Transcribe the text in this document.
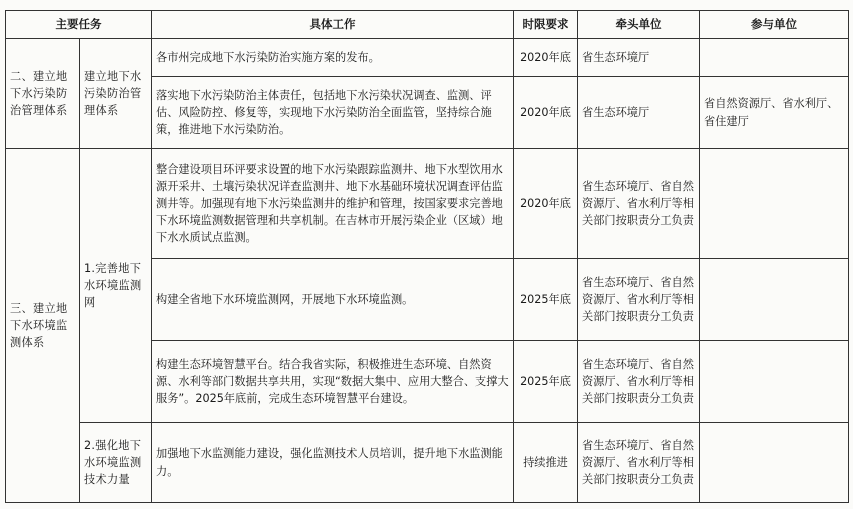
主要任务		具体工作	时限要求	牵头单位	参与单位
二、建立地下水污染防治管理体系	建立地下水污染防治管理体系	各市州完成地下水污染防治实施方案的发布。	2020年底	省生态环境厅	
		落实地下水污染防治主体责任，包括地下水污染状况调查、监测、评估、风险防控、修复等，实现地下水污染防治全面监管，坚持综合施策，推进地下水污染防治。	2020年底	省生态环境厅	省自然资源厅、省水利厅、省住建厅
三、建立地下水环境监测体系	1.完善地下水环境监测网	整合建设项目环评要求设置的地下水污染跟踪监测井、地下水型饮用水源开采井、土壤污染状况详查监测井、地下水基础环境状况调查评估监测井等。加强现有地下水污染监测井的维护和管理，按国家要求完善地下水环境监测数据管理和共享机制。在吉林市开展污染企业（区域）地下水水质试点监测。	2020年底	省生态环境厅、省自然资源厅、省水利厅等相关部门按职责分工负责	
		构建全省地下水环境监测网，开展地下水环境监测。	2025年底	省生态环境厅、省自然资源厅、省水利厅等相关部门按职责分工负责	
		构建生态环境智慧平台。结合我省实际，积极推进生态环境、自然资源、水利等部门数据共享共用，实现“数据大集中、应用大整合、支撑大服务”。2025年底前，完成生态环境智慧平台建设。	2025年底	省生态环境厅、省自然资源厅、省水利厅等相关部门按职责分工负责	
	2.强化地下水环境监测技术力量	加强地下水监测能力建设，强化监测技术人员培训，提升地下水监测能力。	持续推进	省生态环境厅、省自然资源厅、省水利厅等相关部门按职责分工负责	
